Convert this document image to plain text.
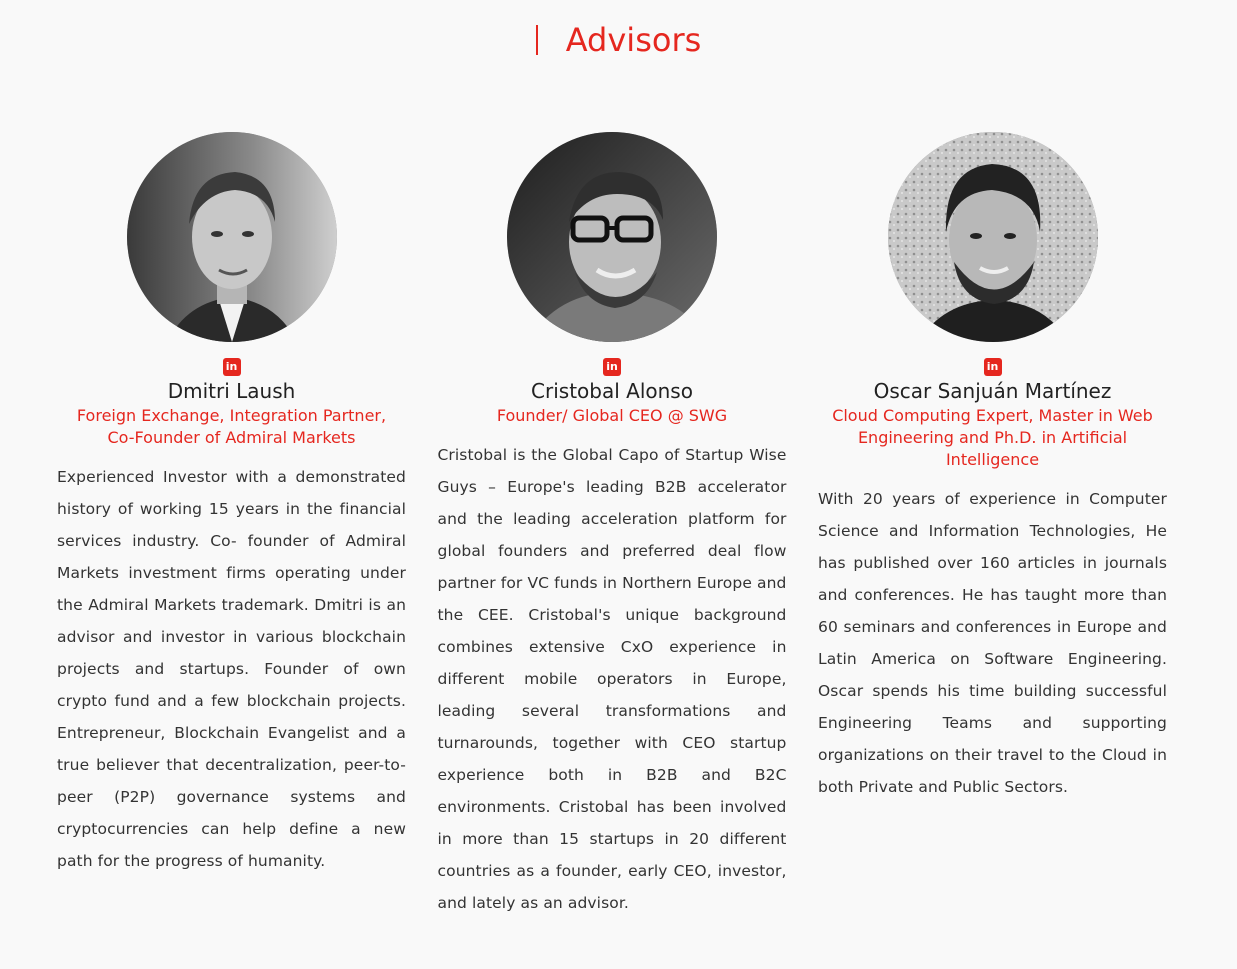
Advisors
in
Dmitri Laush
Foreign Exchange, Integration Partner, Co-Founder of Admiral Markets
Experienced Investor with a demonstrated history of working 15 years in the financial services industry. Co- founder of Admiral Markets investment firms operating under the Admiral Markets trademark. Dmitri is an advisor and investor in various blockchain projects and startups. Founder of own crypto fund and a few blockchain projects. Entrepreneur, Blockchain Evangelist and a true believer that decentralization, peer-to-peer (P2P) governance systems and cryptocurrencies can help define a new path for the progress of humanity.
in
Cristobal Alonso
Founder/ Global CEO @ SWG
Cristobal is the Global Capo of Startup Wise Guys – Europe's leading B2B accelerator and the leading acceleration platform for global founders and preferred deal flow partner for VC funds in Northern Europe and the CEE. Cristobal's unique background combines extensive CxO experience in different mobile operators in Europe, leading several transformations and turnarounds, together with CEO startup experience both in B2B and B2C environments. Cristobal has been involved in more than 15 startups in 20 different countries as a founder, early CEO, investor, and lately as an advisor.
in
Oscar Sanjuán Martínez
Cloud Computing Expert, Master in Web Engineering and Ph.D. in Artificial Intelligence
With 20 years of experience in Computer Science and Information Technologies, He has published over 160 articles in journals and conferences. He has taught more than 60 seminars and conferences in Europe and Latin America on Software Engineering. Oscar spends his time building successful Engineering Teams and supporting organizations on their travel to the Cloud in both Private and Public Sectors.
